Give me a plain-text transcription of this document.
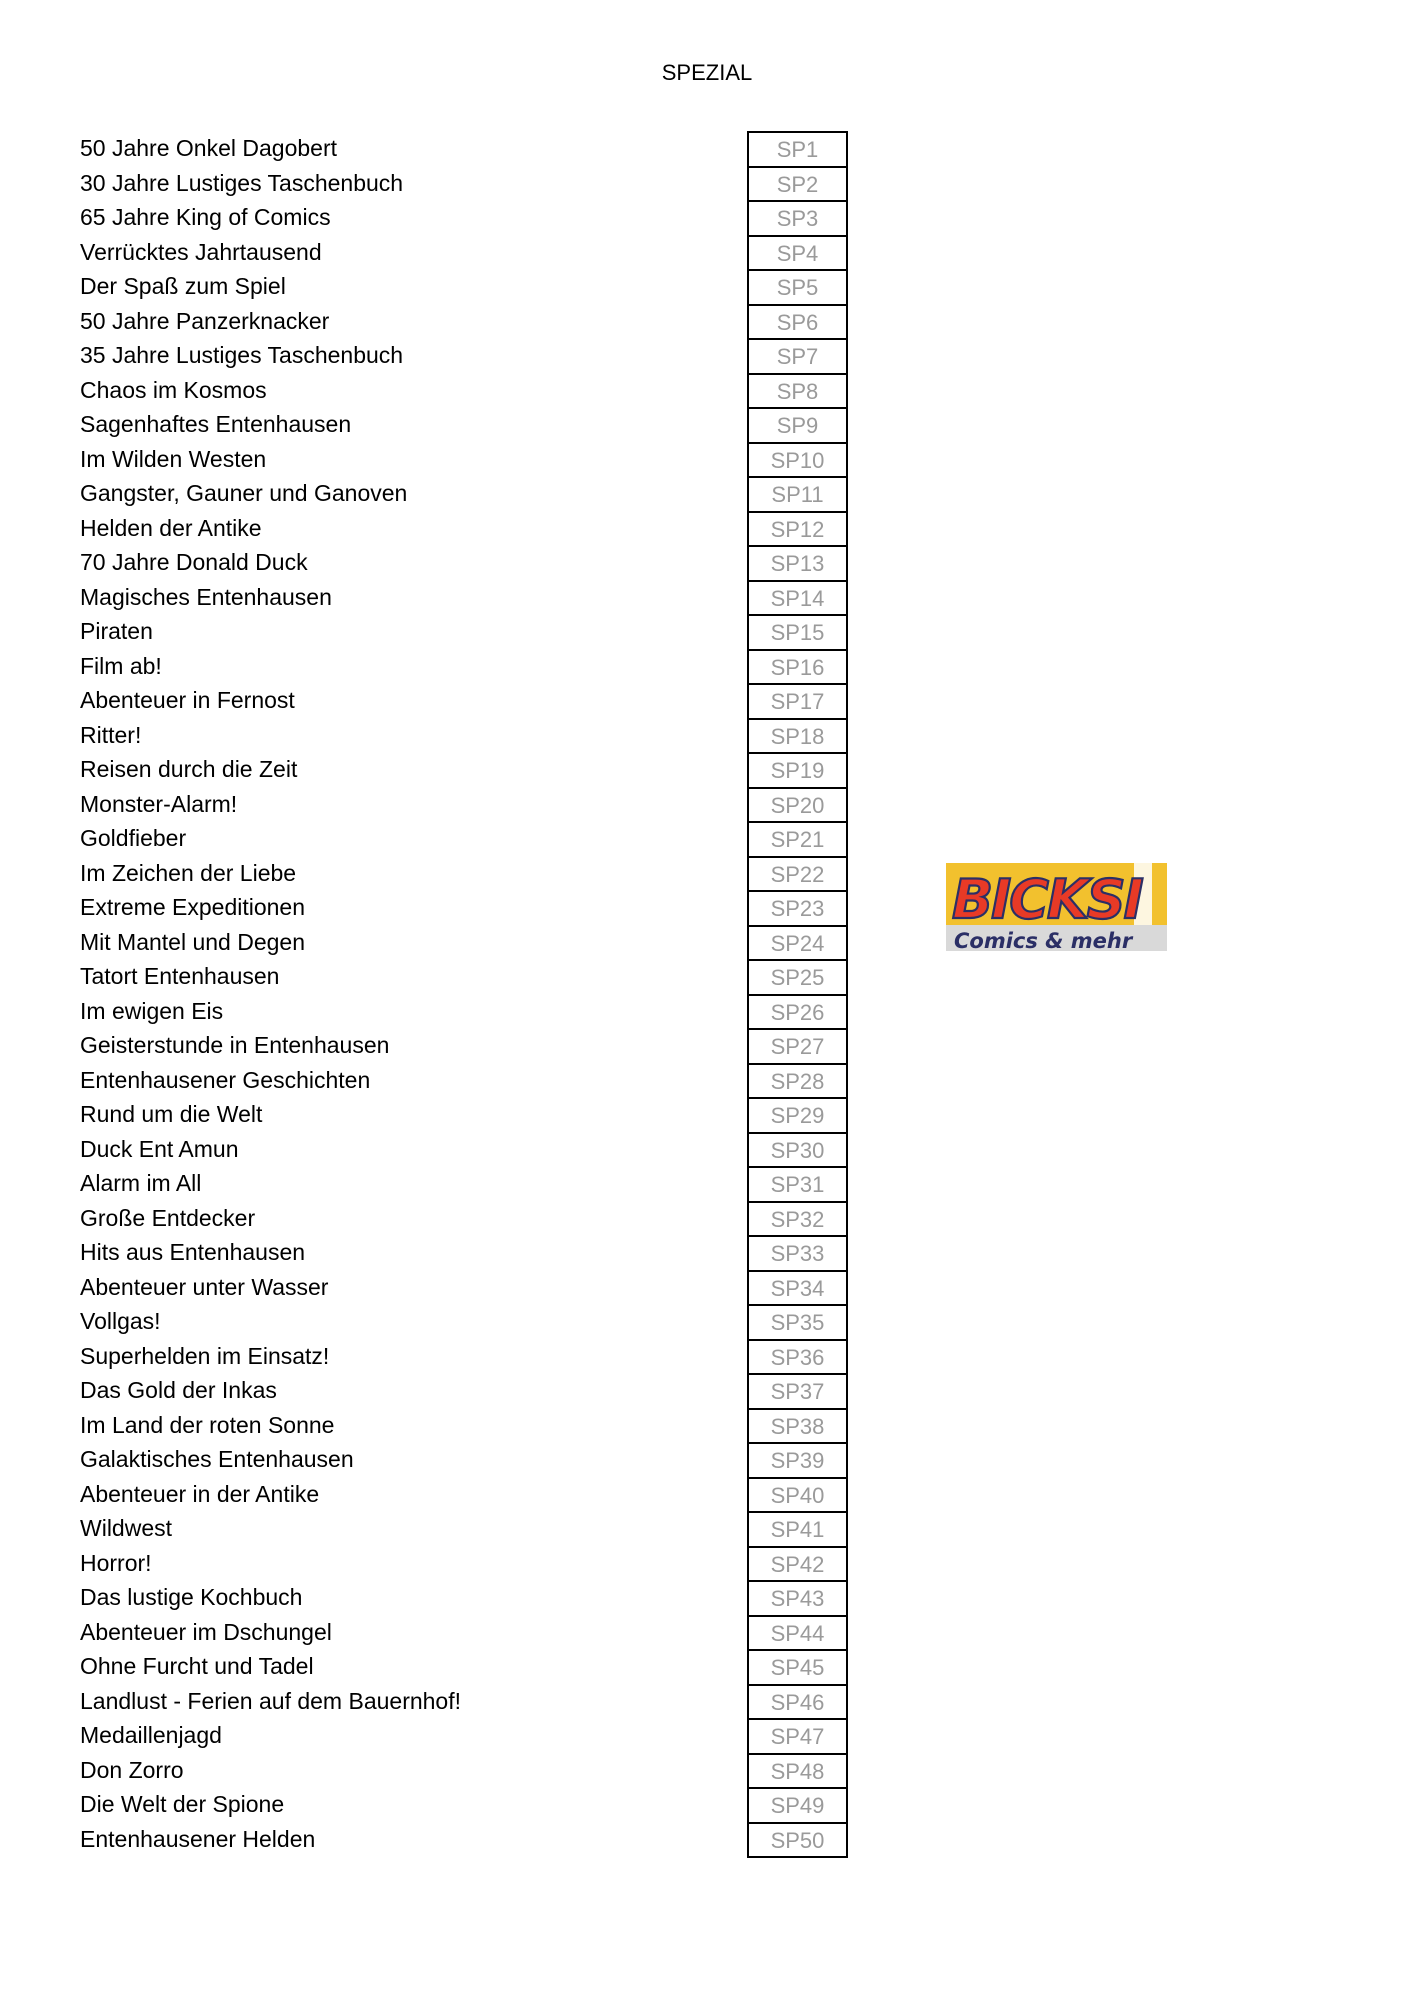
SPEZIAL
50 Jahre Onkel Dagobert	SP1
30 Jahre Lustiges Taschenbuch	SP2
65 Jahre King of Comics	SP3
Verrücktes Jahrtausend	SP4
Der Spaß zum Spiel	SP5
50 Jahre Panzerknacker	SP6
35 Jahre Lustiges Taschenbuch	SP7
Chaos im Kosmos	SP8
Sagenhaftes Entenhausen	SP9
Im Wilden Westen	SP10
Gangster, Gauner und Ganoven	SP11
Helden der Antike	SP12
70 Jahre Donald Duck	SP13
Magisches Entenhausen	SP14
Piraten	SP15
Film ab!	SP16
Abenteuer in Fernost	SP17
Ritter!	SP18
Reisen durch die Zeit	SP19
Monster-Alarm!	SP20
Goldfieber	SP21
Im Zeichen der Liebe	SP22
Extreme Expeditionen	SP23
Mit Mantel und Degen	SP24
Tatort Entenhausen	SP25
Im ewigen Eis	SP26
Geisterstunde in Entenhausen	SP27
Entenhausener Geschichten	SP28
Rund um die Welt	SP29
Duck Ent Amun	SP30
Alarm im All	SP31
Große Entdecker	SP32
Hits aus Entenhausen	SP33
Abenteuer unter Wasser	SP34
Vollgas!	SP35
Superhelden im Einsatz!	SP36
Das Gold der Inkas	SP37
Im Land der roten Sonne	SP38
Galaktisches Entenhausen	SP39
Abenteuer in der Antike	SP40
Wildwest	SP41
Horror!	SP42
Das lustige Kochbuch	SP43
Abenteuer im Dschungel	SP44
Ohne Furcht und Tadel	SP45
Landlust - Ferien auf dem Bauernhof!	SP46
Medaillenjagd	SP47
Don Zorro	SP48
Die Welt der Spione	SP49
Entenhausener Helden	SP50
BICKSI
Comics & mehr
